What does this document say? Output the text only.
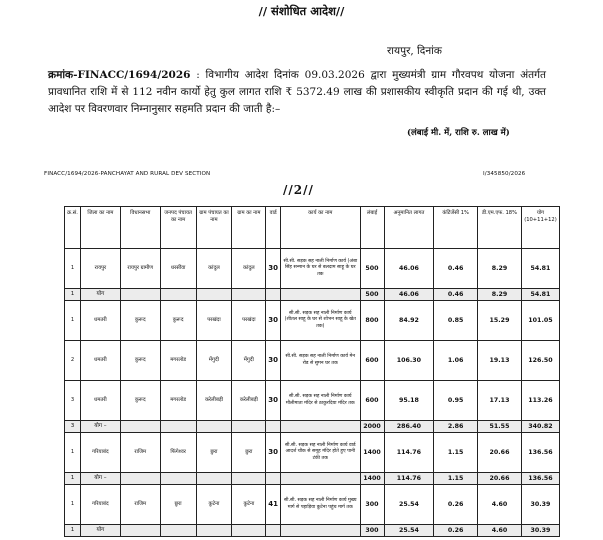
// संशोधित आदेश//
रायपुर, दिनांक
क्रमांक-FINACC/1694/2026 : विभागीय आदेश दिनांक 09.03.2026 द्वारा मुख्यमंत्री ग्राम गौरवपथ योजना अंतर्गत प्रावधानित राशि में से 112 नवीन कार्यो हेतु कुल लागत राशि ₹ 5372.49 लाख की प्रशासकीय स्वीकृति प्रदान की गई थी, उक्त आदेश पर विवरणवार निम्नानुसार सहमति प्रदान की जाती है:–
(लंबाई मी. में, राशि रु. लाख में)
FINACC/1694/2026-PANCHAYAT AND RURAL DEV SECTION	I/345850/2026
//2//
क्र.सं.	जिला का नाम	विधानसभा	जनपद पंचायत का नाम	ग्राम पंचायत का नाम	ग्राम का नाम	वार्ड	कार्य का नाम	लंबाई	अनुमानित लागत	कंटिंजेंसी 1%	डी.एम.एफ. 18%	योग (10+11+12)
1	रायपुर	रायपुर ग्रामीण	धरसींवा	कांदुल	कांदुल	30	सी.सी. सड़क सह नाली निर्माण कार्य (अंबा सिंह सन्मान के घर से बलदाम साहू के घर तक	500	46.06	0.46	8.29	54.81
1	योग							500	46.06	0.46	8.29	54.81
1	धमतरी	कुरूद	कुरूद	परखंदा	परखंदा	30	सी.सी. सड़क सह नाली निर्माण कार्य (शीतल साहू के घर से शोभन साहू के खेत तक)	800	84.92	0.85	15.29	101.05
2	धमतरी	कुरूद	मगरलोड	मेंगुदी	मेंगुदी	30	सी.सी. सड़क सह नाली निर्माण कार्य मेन रोड से सुमन घर तक	600	106.30	1.06	19.13	126.50
3	धमतरी	कुरूद	मगरलोड	करेलीबड़ी	करेलीबड़ी	30	सी.सी. सड़क सह नाली निर्माण कार्य मौलीमाता मंदिर से ठाकुरदिया मंदिर तक	600	95.18	0.95	17.13	113.26
3	योग –							2000	286.40	2.86	51.55	340.82
1	गरियाबंद	राजिम	फिंगेश्वर	छुरा	छुरा	30	सी.सी. सड़क सह नाली निर्माण कार्य वार्ड आदर्श चौक से समूह मंदिर होते हुए पानी टंकी तक	1400	114.76	1.15	20.66	136.56
1	योग –							1400	114.76	1.15	20.66	136.56
1	गरियाबंद	राजिम	छुरा	कुटेना	कुटेना	41	सी.सी. सड़क सह नाली निर्माण कार्य मुख्य मार्ग से पहाड़िया कुटेना पहुंच मार्ग तक	300	25.54	0.26	4.60	30.39
1	योग							300	25.54	0.26	4.60	30.39
